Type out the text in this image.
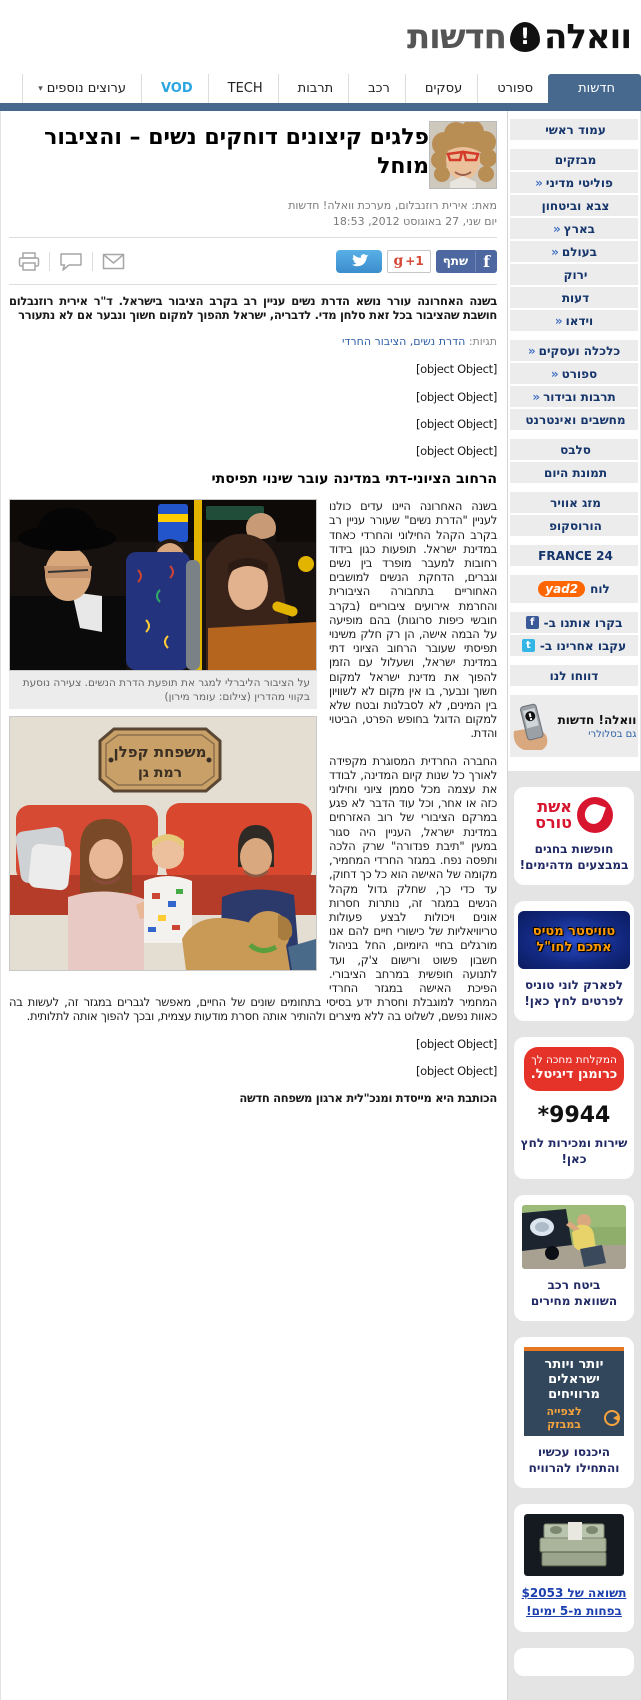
וואלה
!
חדשות
חדשות
ספורט
עסקים
רכב
תרבות
TECH
VOD
ערוצים נוספים
▾
עמוד ראשי
מבזקים
פוליטי מדיני
«
צבא וביטחון
בארץ
«
בעולם
«
ירוק
דעות
וידאו
«
כלכלה ועסקים
«
ספורט
«
תרבות ובידור
«
מחשבים ואינטרנט
סלבס
תמונת היום
מזג אוויר
הורוסקופ
FRANCE 24
לוח
yad2
בקרו אותנו ב-
f
עקבו אחרינו ב-
t
דווחו לנו
וואלה! חדשות
גם בסלולרי
אשת
טורס
חופשות בחגים במבצעים מדהימים!
טוויסטר מטיס
אתכם לחו"ל
לפארק לוני טוניס לפרטים לחץ כאן!
המקלחת מחכה לך
כרומגן דיגיטל.
*9944
שירות ומכירות לחץ כאן!
ביטח רכב
השוואת מחירים
יותר ויותר
ישראלים
מרוויחים
לצפייה במבזק
היכנסו עכשיו והתחילו להרוויח
תשואה של $2053
בפחות מ-5 ימים!
פלגים קיצונים דוחקים נשים – והציבור מוחל
מאת: אירית רוזנבלום, מערכת וואלה! חדשות
יום שני, 27 באוגוסט 2012, 18:53
f
שתף
g +1

בשנה האחרונה עורר נושא הדרת נשים עניין רב בקרב הציבור בישראל. ד"ר אירית רוזנבלום חושבת שהציבור בכל זאת סלחן מדי. לדבריה, ישראל תהפוך למקום חשוך ונבער אם לא נתעורר

תגיות: הדרת נשים, הציבור החרדי

[object Object]

[object Object]

[object Object]

[object Object]

הרחוב הציוני-דתי במדינה עובר שינוי תפיסתי
על הציבור הליברלי למגר את תופעת הדרת הנשים. צעירה נוסעת בקווי מהדרין (צילום: עומר מירון)
משפחת קפלן
רמת גן

בשנה האחרונה היינו עדים כולנו לעניין "הדרת נשים" שעורר עניין רב בקרב הקהל החילוני והחרדי כאחד במדינת ישראל. תופעות כגון בידוד רחובות למעבר מופרד בין נשים וגברים, הדחקת הנשים למושבים האחוריים בתחבורה הציבורית והחרמת אירועים ציבוריים (בקרב חובשי כיפות סרוגות) בהם מופיעה על הבמה אישה, הן רק חלק משינוי תפיסתי שעובר הרחוב הציוני דתי במדינת ישראל, ושעלול עם הזמן להפוך את מדינת ישראל למקום חשוך ונבער, בו אין מקום לא לשוויון בין המינים, לא לסבלנות ובטח שלא למקום הדוגל בחופש הפרט, הביטוי והדת.

החברה החרדית המסוגרת מקפידה לאורך כל שנות קיום המדינה, לבודד את עצמה מכל סממן ציוני וחילוני כזה או אחר, וכל עוד הדבר לא פגע במרקם הציבורי של רוב האזרחים במדינת ישראל, העניין היה סגור במעין "תיבת פנדורה" שרק הלכה ותפסה נפח. במגזר החרדי המחמיר, מקומה של האישה הוא כל כך דחוק, עד כדי כך, שחלק גדול מקהל הנשים במגזר זה, נותרות חסרות אונים ויכולות לבצע פעולות טריוויאליות של כישורי חיים להם אנו מורגלים בחיי היומיום, החל בניהול חשבון פשוט ורישום צ'ק, ועד לתנועה חופשית במרחב הציבורי. הפיכת האישה במגזר החרדי המחמיר למוגבלת וחסרת ידע בסיסי בתחומים שונים של החיים, מאפשר לגברים במגזר זה, לעשות בה כאוות נפשם, לשלוט בה ללא מיצרים ולהותיר אותה חסרת מודעות עצמית, ובכך להפוך אותה לתלותית.

[object Object]

[object Object]

הכותבת היא מייסדת ומנכ"לית ארגון משפחה חדשה
